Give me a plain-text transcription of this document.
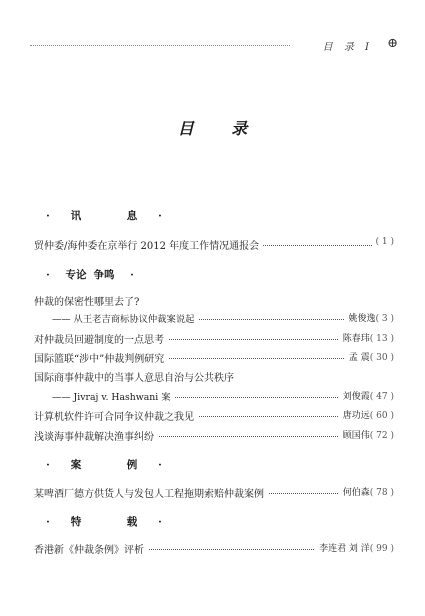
目 录 I ⊕
目 录
· 讯	息 ·
贸仲委/海仲委在京举行 2012 年度工作情况通报会	( 1 )
· 专论 争鸣 ·
仲裁的保密性哪里去了?
—— 从王老吉商标协议仲裁案说起	姚俊逸( 3 )
对仲裁员回避制度的一点思考	陈春玮( 13 )
国际篮联“涉中”仲裁判例研究	孟 震( 30 )
国际商事仲裁中的当事人意思自治与公共秩序
—— Jivraj v. Hashwani 案	刘俊霞( 47 )
计算机软件许可合同争议仲裁之我见	唐功远( 60 )
浅谈海事仲裁解决渔事纠纷	顾国伟( 72 )
· 案	例 ·
某啤酒厂德方供货人与发包人工程拖期索赔仲裁案例	何伯森( 78 )
· 特	载 ·
香港新《仲裁条例》评析	李连君 刘 洋( 99 )
